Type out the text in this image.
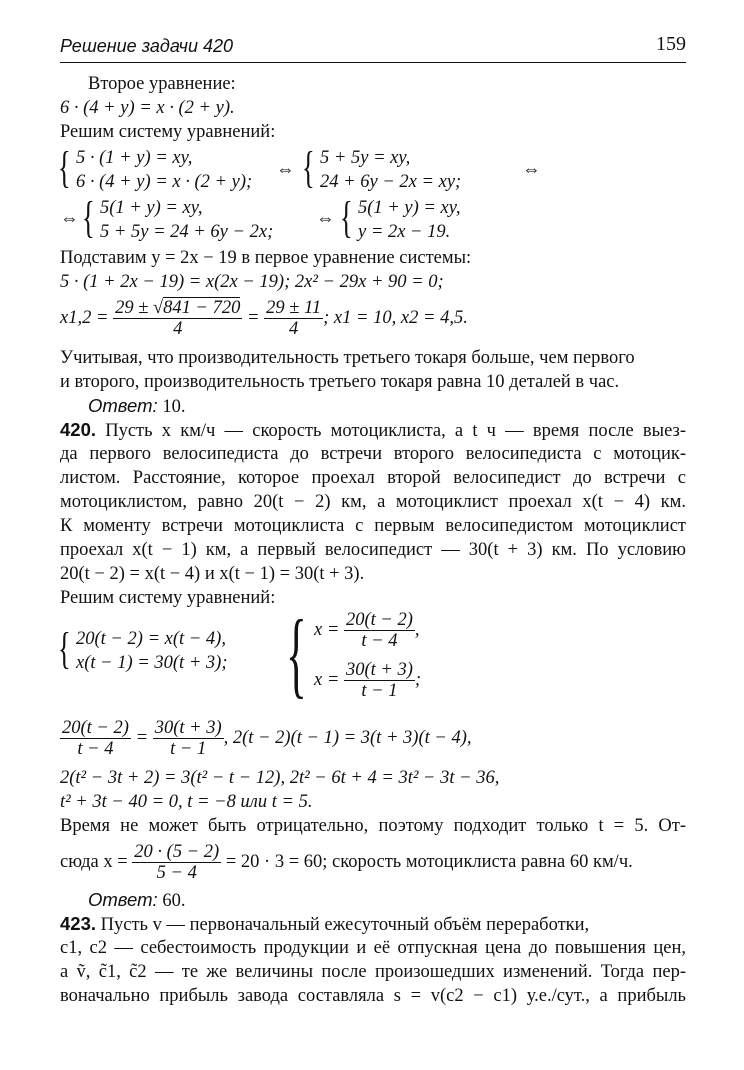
Решение задачи 420	159
Второе уравнение:
6 · (4 + y) = x · (2 + y).
Решим систему уравнений:
{ 5 · (1 + y) = xy,
6 · (4 + y) = x · (2 + y);
⇔ { 5 + 5y = xy,
24 + 6y − 2x = xy;
⇔
⇔ { 5(1 + y) = xy,
5 + 5y = 24 + 6y − 2x;
⇔ { 5(1 + y) = xy,
y = 2x − 19.
Подставим y = 2x − 19 в первое уравнение системы:
5 · (1 + 2x − 19) = x(2x − 19); 2x² − 29x + 90 = 0;
$x1,2 = \frac{29 \pm √841 - 720}{4} = \frac{29 \pm 11}{4}$ ; x1 = 10, x2 = 4,5.
Учитывая, что производительность третьего токаря больше, чем первого
и второго, производительность третьего токаря равна 10 деталей в час.
Ответ: 10.
420. Пусть x км/ч — скорость мотоциклиста, а t ч — время после выез-
да первого велосипедиста до встречи второго велосипедиста с мотоцик-
листом. Расстояние, которое проехал второй велосипедист до встречи с
мотоциклистом, равно 20(t − 2) км, а мотоциклист проехал x(t − 4) км.
К моменту встречи мотоциклиста с первым велосипедистом мотоциклист
проехал x(t − 1) км, а первый велосипедист — 30(t + 3) км. По условию
20(t − 2) = x(t − 4) и x(t − 1) = 30(t + 3).
Решим систему уравнений:
{ 20(t − 2) = x(t − 4),
x(t − 1) = 30(t + 3); { $x = \frac{20(t - 2)}{t - 4}$ ,
$x = \frac{30(t + 3)}{t - 1}$ ;
$\frac{20(t - 2)}{t - 4} = \frac{30(t + 3)}{t - 1}$ , 2(t − 2)(t − 1) = 3(t + 3)(t − 4),
2(t² − 3t + 2) = 3(t² − t − 12), 2t² − 6t + 4 = 3t² − 3t − 36,
t² + 3t − 40 = 0, t = −8 или t = 5.
Время не может быть отрицательно, поэтому подходит только t = 5. От-
сюда $x = \frac{20 \cdot (5 - 2)}{5 - 4} = 20 \cdot 3 = 60$; скорость мотоциклиста равна 60 км/ч.
Ответ: 60.
423. Пусть v — первоначальный ежесуточный объём переработки,
c1, c2 — себестоимость продукции и её отпускная цена до повышения цен,
а ṽ, c̃1, c̃2 — те же величины после произошедших изменений. Тогда пер-
воначально прибыль завода составляла s = v(c2 − c1) у.е./сут., а прибыль
